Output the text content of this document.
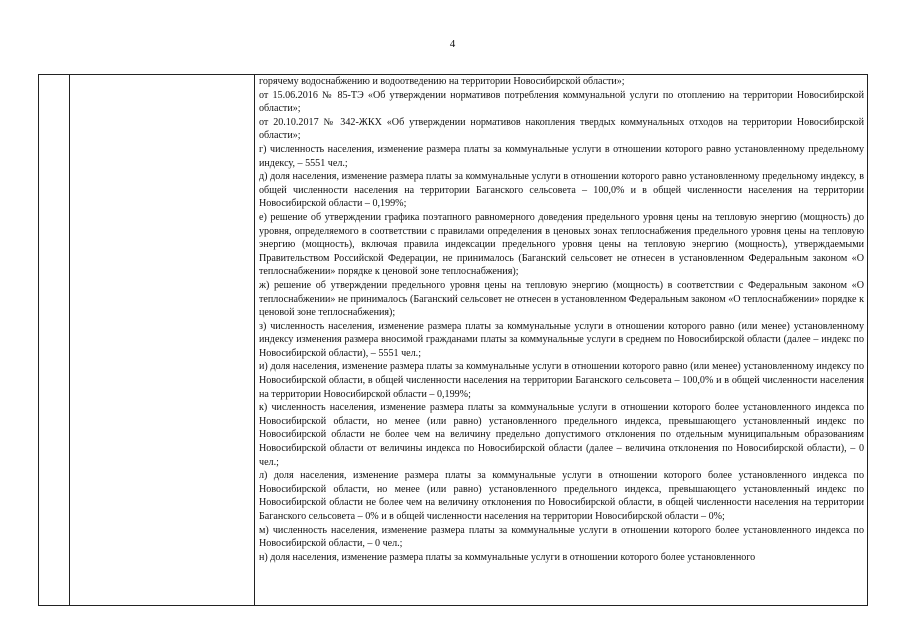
4

горячему водоснабжению и водоотведению на территории Новосибирской области»;

от 15.06.2016 № 85-ТЭ «Об утверждении нормативов потребления коммунальной услуги по отоплению на территории Новосибирской области»;

от 20.10.2017 № 342-ЖКХ «Об утверждении нормативов накопления твердых коммунальных отходов на территории Новосибирской области»;

г) численность населения, изменение размера платы за коммунальные услуги в отношении которого равно установленному предельному индексу, – 5551 чел.;

д) доля населения, изменение размера платы за коммунальные услуги в отношении которого равно установленному предельному индексу, в общей численности населения на территории Баганского сельсовета – 100,0% и в общей численности населения на территории Новосибирской области – 0,199%;

е) решение об утверждении графика поэтапного равномерного доведения предельного уровня цены на тепловую энергию (мощность) до уровня, определяемого в соответствии с правилами определения в ценовых зонах теплоснабжения предельного уровня цены на тепловую энергию (мощность), включая правила индексации предельного уровня цены на тепловую энергию (мощность), утверждаемыми Правительством Российской Федерации, не принималось (Баганский сельсовет не отнесен в установленном Федеральным законом «О теплоснабжении» порядке к ценовой зоне теплоснабжения);

ж) решение об утверждении предельного уровня цены на тепловую энергию (мощность) в соответствии с Федеральным законом «О теплоснабжении» не принималось (Баганский сельсовет не отнесен в установленном Федеральным законом «О теплоснабжении» порядке к ценовой зоне теплоснабжения);

з) численность населения, изменение размера платы за коммунальные услуги в отношении которого равно (или менее) установленному индексу изменения размера вносимой гражданами платы за коммунальные услуги в среднем по Новосибирской области (далее – индекс по Новосибирской области), – 5551 чел.;

и) доля населения, изменение размера платы за коммунальные услуги в отношении которого равно (или менее) установленному индексу по Новосибирской области, в общей численности населения на территории Баганского сельсовета – 100,0% и в общей численности населения на территории Новосибирской области – 0,199%;

к) численность населения, изменение размера платы за коммунальные услуги в отношении которого более установленного индекса по Новосибирской области, но менее (или равно) установленного предельного индекса, превышающего установленный индекс по Новосибирской области не более чем на величину предельно допустимого отклонения по отдельным муниципальным образованиям Новосибирской области от величины индекса по Новосибирской области (далее – величина отклонения по Новосибирской области), – 0 чел.;

л) доля населения, изменение размера платы за коммунальные услуги в отношении которого более установленного индекса по Новосибирской области, но менее (или равно) установленного предельного индекса, превышающего установленный индекс по Новосибирской области не более чем на величину отклонения по Новосибирской области, в общей численности населения на территории Баганского сельсовета – 0% и в общей численности населения на территории Новосибирской области – 0%;

м) численность населения, изменение размера платы за коммунальные услуги в отношении которого более установленного индекса по Новосибирской области, – 0 чел.;

н) доля населения, изменение размера платы за коммунальные услуги в отношении которого более установленного
